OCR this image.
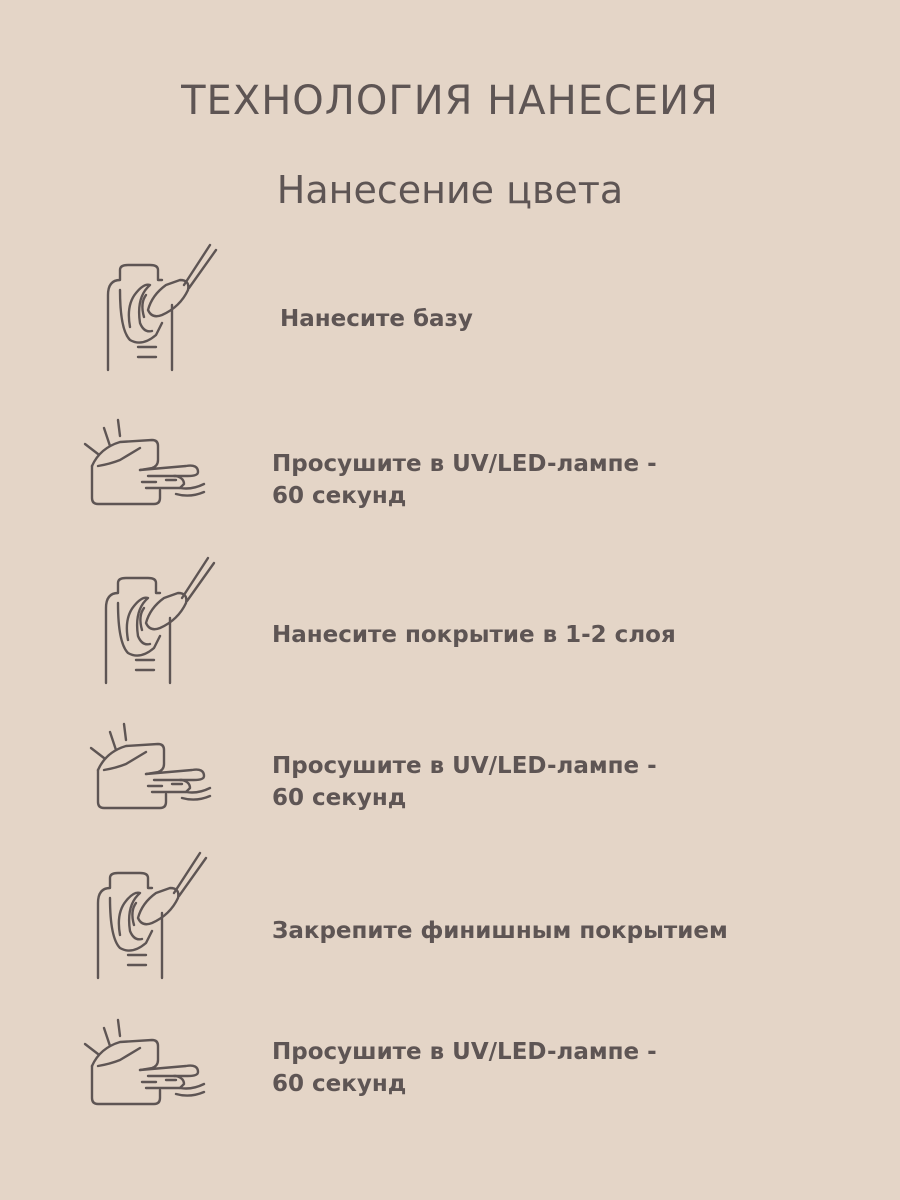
ТЕХНОЛОГИЯ НАНЕСЕИЯ
Нанесение цвета
Нанесите базу
Просушите в UV/LED-лампе -
60 секунд
Нанесите покрытие в 1-2 слоя
Просушите в UV/LED-лампе -
60 секунд
Закрепите финишным покрытием
Просушите в UV/LED-лампе -
60 секунд
